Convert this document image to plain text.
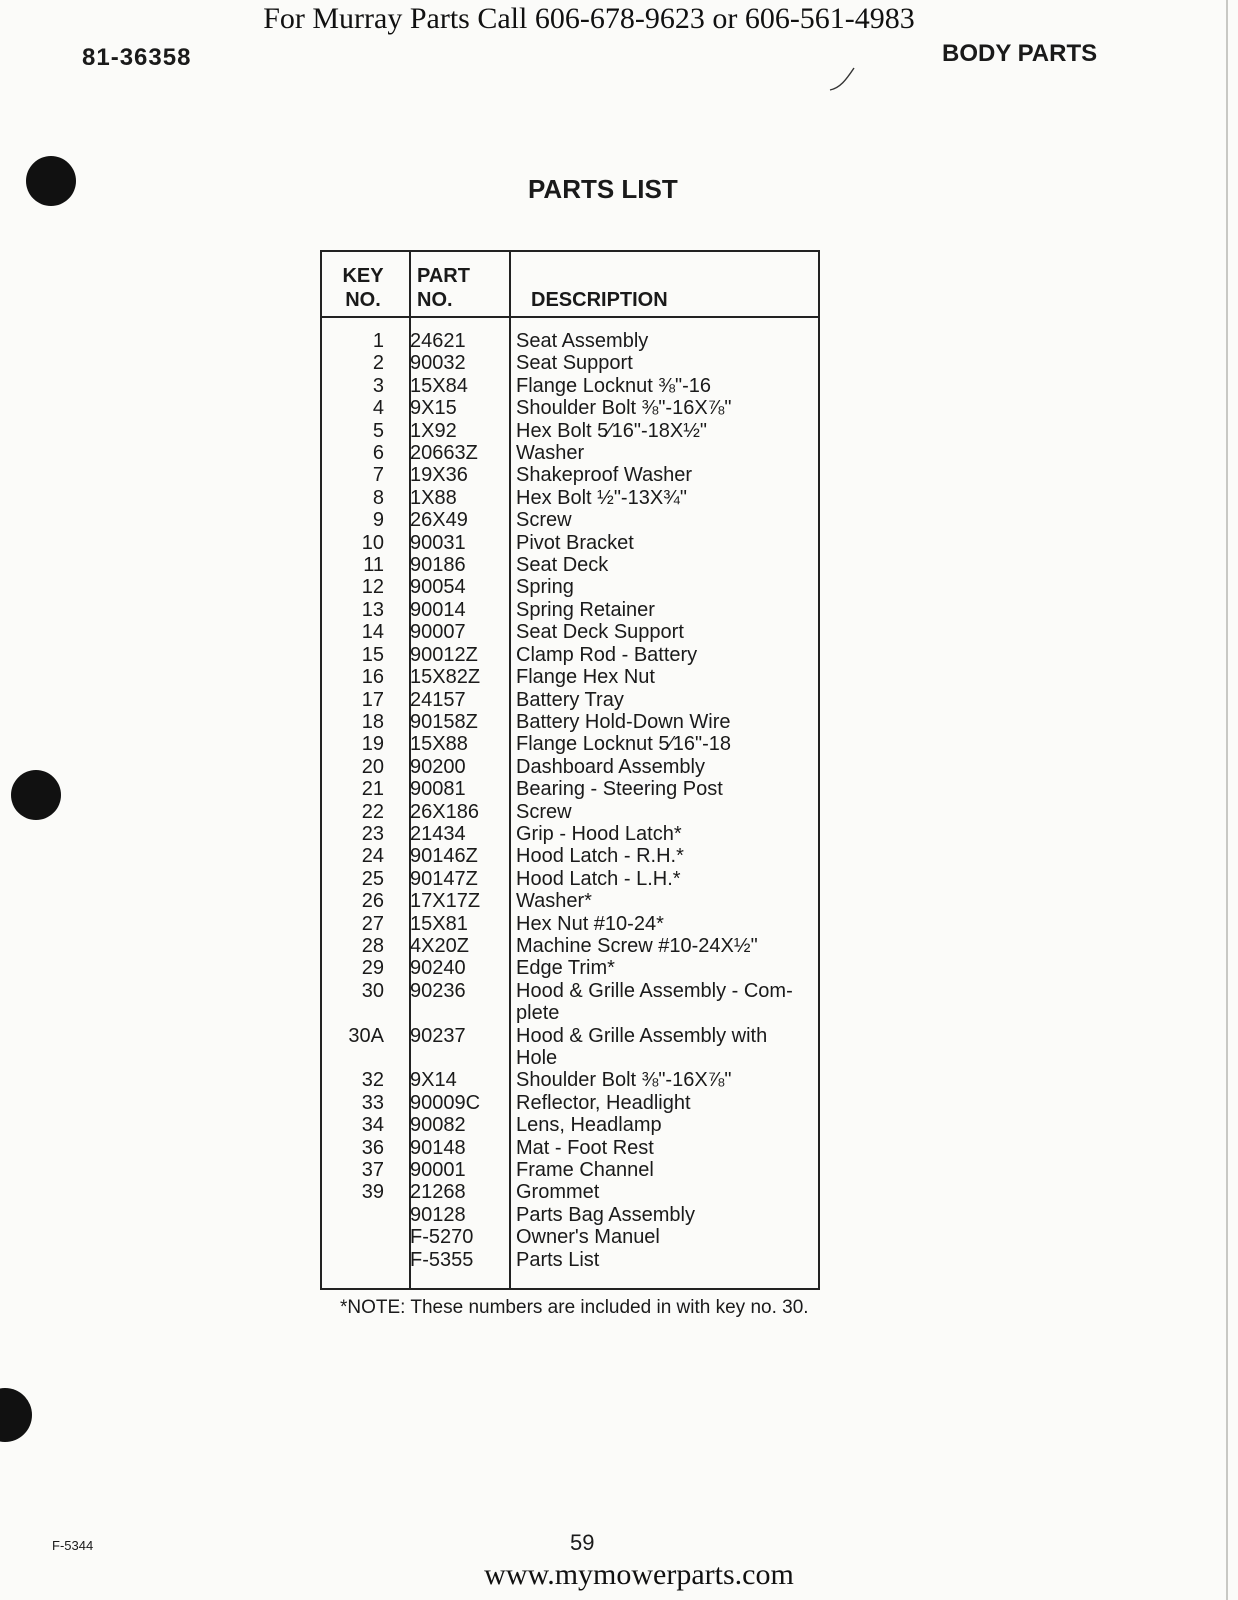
For Murray Parts Call 606-678-9623 or 606-561-4983
81-36358	BODY PARTS
PARTS LIST
KEY
NO.
PART
NO.	DESCRIPTION
1 24621	Seat Assembly
2 90032	Seat Support
3 15X84 Flange Locknut ⅜"-16
4 9X15	Shoulder Bolt ⅜"-16X⅞"
5 1X92	Hex Bolt 5⁄16"-18X½"
6 20663Z Washer
7 19X36 Shakeproof Washer
8 1X88	Hex Bolt ½"-13X¾"
9 26X49 Screw
10 90031	Pivot Bracket
11 90186	Seat Deck
12 90054	Spring
13 90014	Spring Retainer
14 90007	Seat Deck Support
15 90012Z Clamp Rod - Battery
16 15X82Z Flange Hex Nut
17 24157	Battery Tray
18 90158Z Battery Hold-Down Wire
19 15X88 Flange Locknut 5⁄16"-18
20 90200	Dashboard Assembly
21 90081	Bearing - Steering Post
22 26X186 Screw
23 21434	Grip - Hood Latch*
24 90146Z Hood Latch - R.H.*
25 90147Z Hood Latch - L.H.*
26 17X17Z Washer*
27 15X81 Hex Nut #10-24*
28 4X20Z Machine Screw #10-24X½"
29 90240	Edge Trim*
30 90236	Hood & Grille Assembly - Com-plete
30A 90237	Hood & Grille Assembly with Hole
32 9X14	Shoulder Bolt ⅜"-16X⅞"
33 90009C Reflector, Headlight
34 90082	Lens, Headlamp
36 90148	Mat - Foot Rest
37 90001	Frame Channel
39 21268	Grommet
90128	Parts Bag Assembly
F-5270 Owner's Manuel
F-5355 Parts List
*NOTE: These numbers are included in with key no. 30.
F-5344	59
www.mymowerparts.com
